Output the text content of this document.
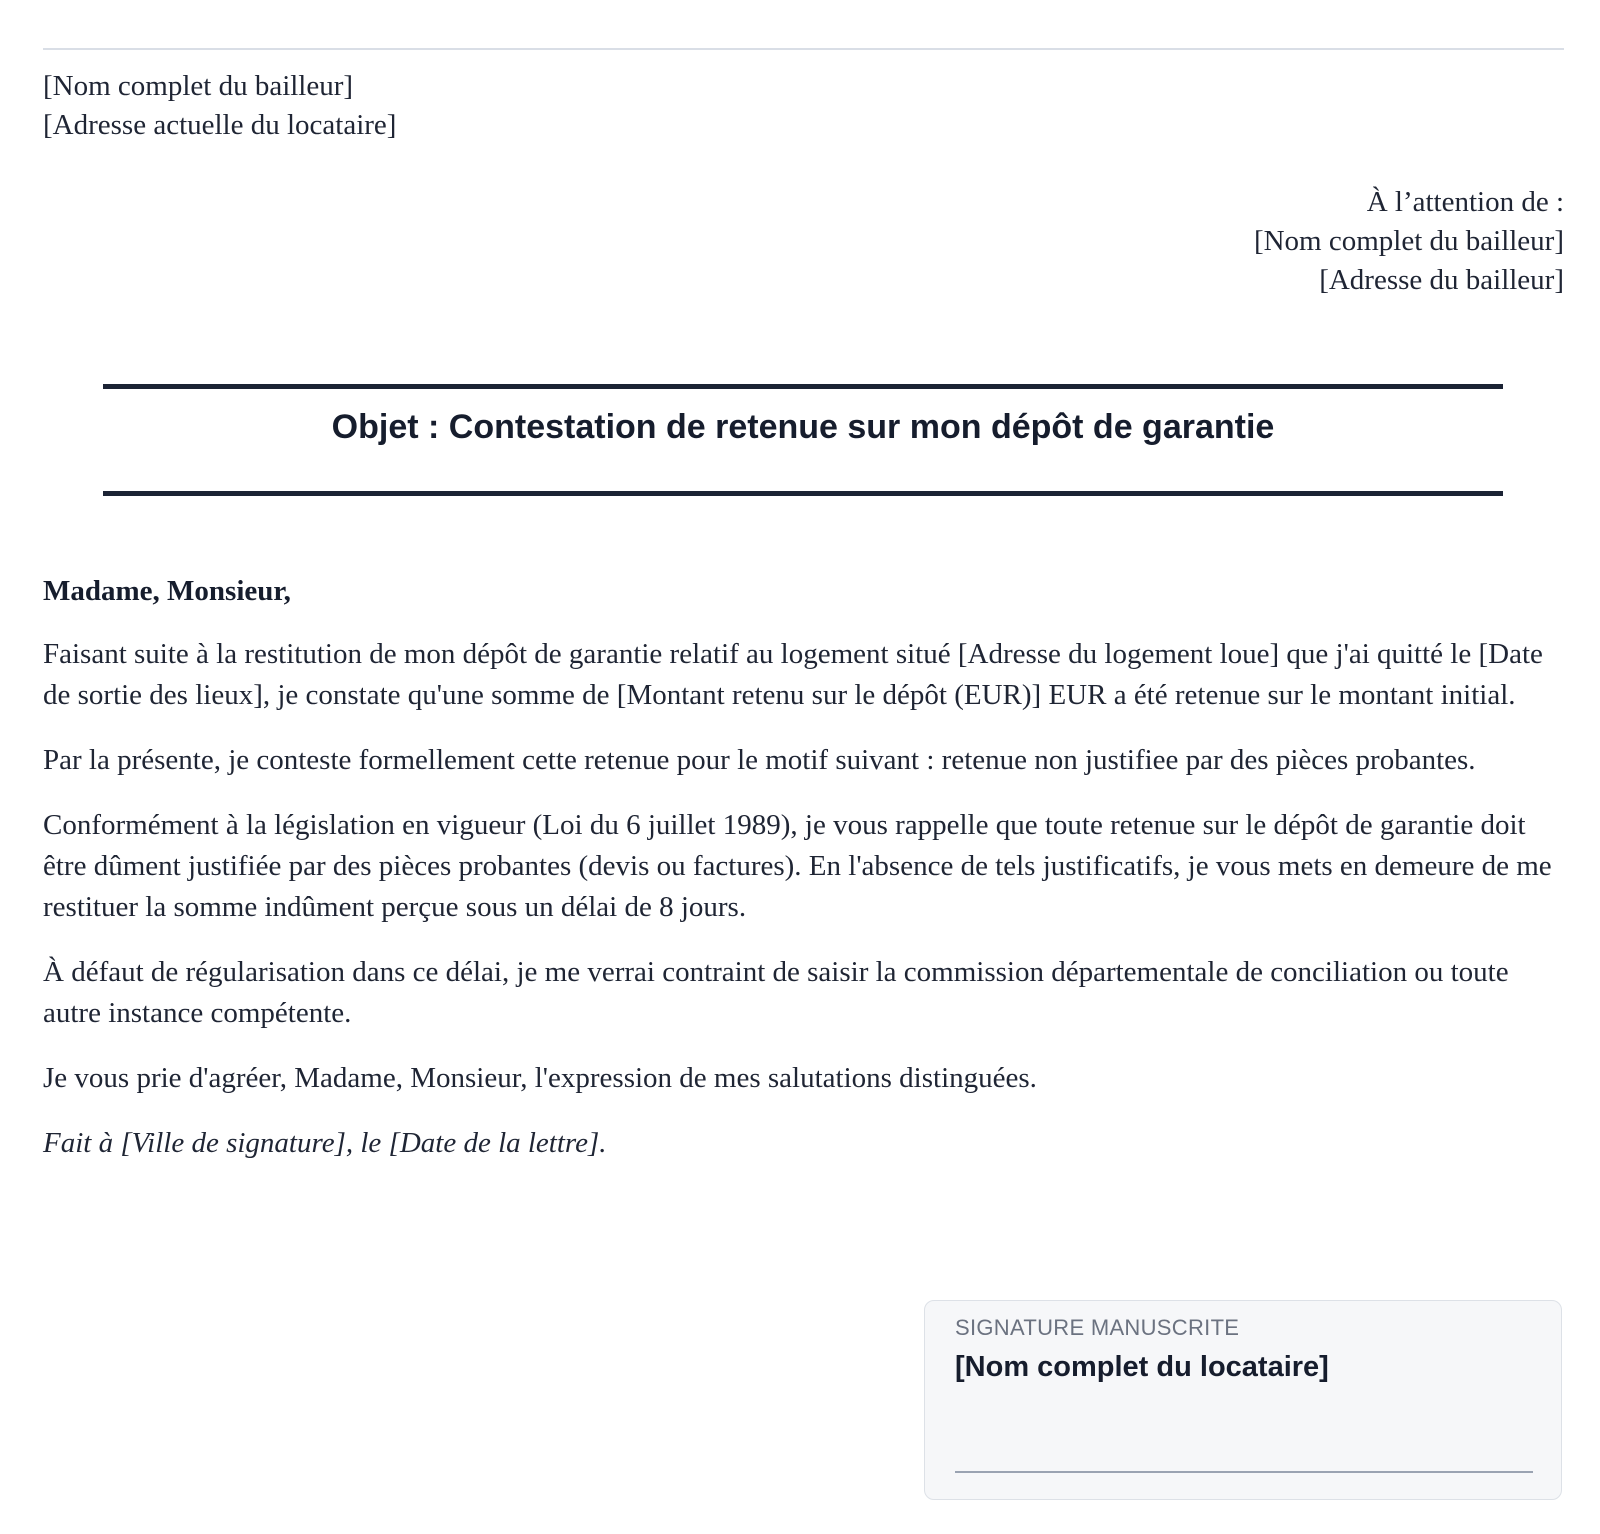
[Nom complet du bailleur]
[Adresse actuelle du locataire]
À l’attention de :
[Nom complet du bailleur]
[Adresse du bailleur]
Objet : Contestation de retenue sur mon dépôt de garantie

Madame, Monsieur,

Faisant suite à la restitution de mon dépôt de garantie relatif au logement situé [Adresse du logement loue] que j'ai quitté le [Date de sortie des lieux], je constate qu'une somme de [Montant retenu sur le dépôt (EUR)] EUR a été retenue sur le montant initial.

Par la présente, je conteste formellement cette retenue pour le motif suivant : retenue non justifiee par des pièces probantes.

Conformément à la législation en vigueur (Loi du 6 juillet 1989), je vous rappelle que toute retenue sur le dépôt de garantie doit être dûment justifiée par des pièces probantes (devis ou factures). En l'absence de tels justificatifs, je vous mets en demeure de me restituer la somme indûment perçue sous un délai de 8 jours.

À défaut de régularisation dans ce délai, je me verrai contraint de saisir la commission départementale de conciliation ou toute autre instance compétente.

Je vous prie d'agréer, Madame, Monsieur, l'expression de mes salutations distinguées.

Fait à [Ville de signature], le [Date de la lettre].

SIGNATURE MANUSCRITE
[Nom complet du locataire]
